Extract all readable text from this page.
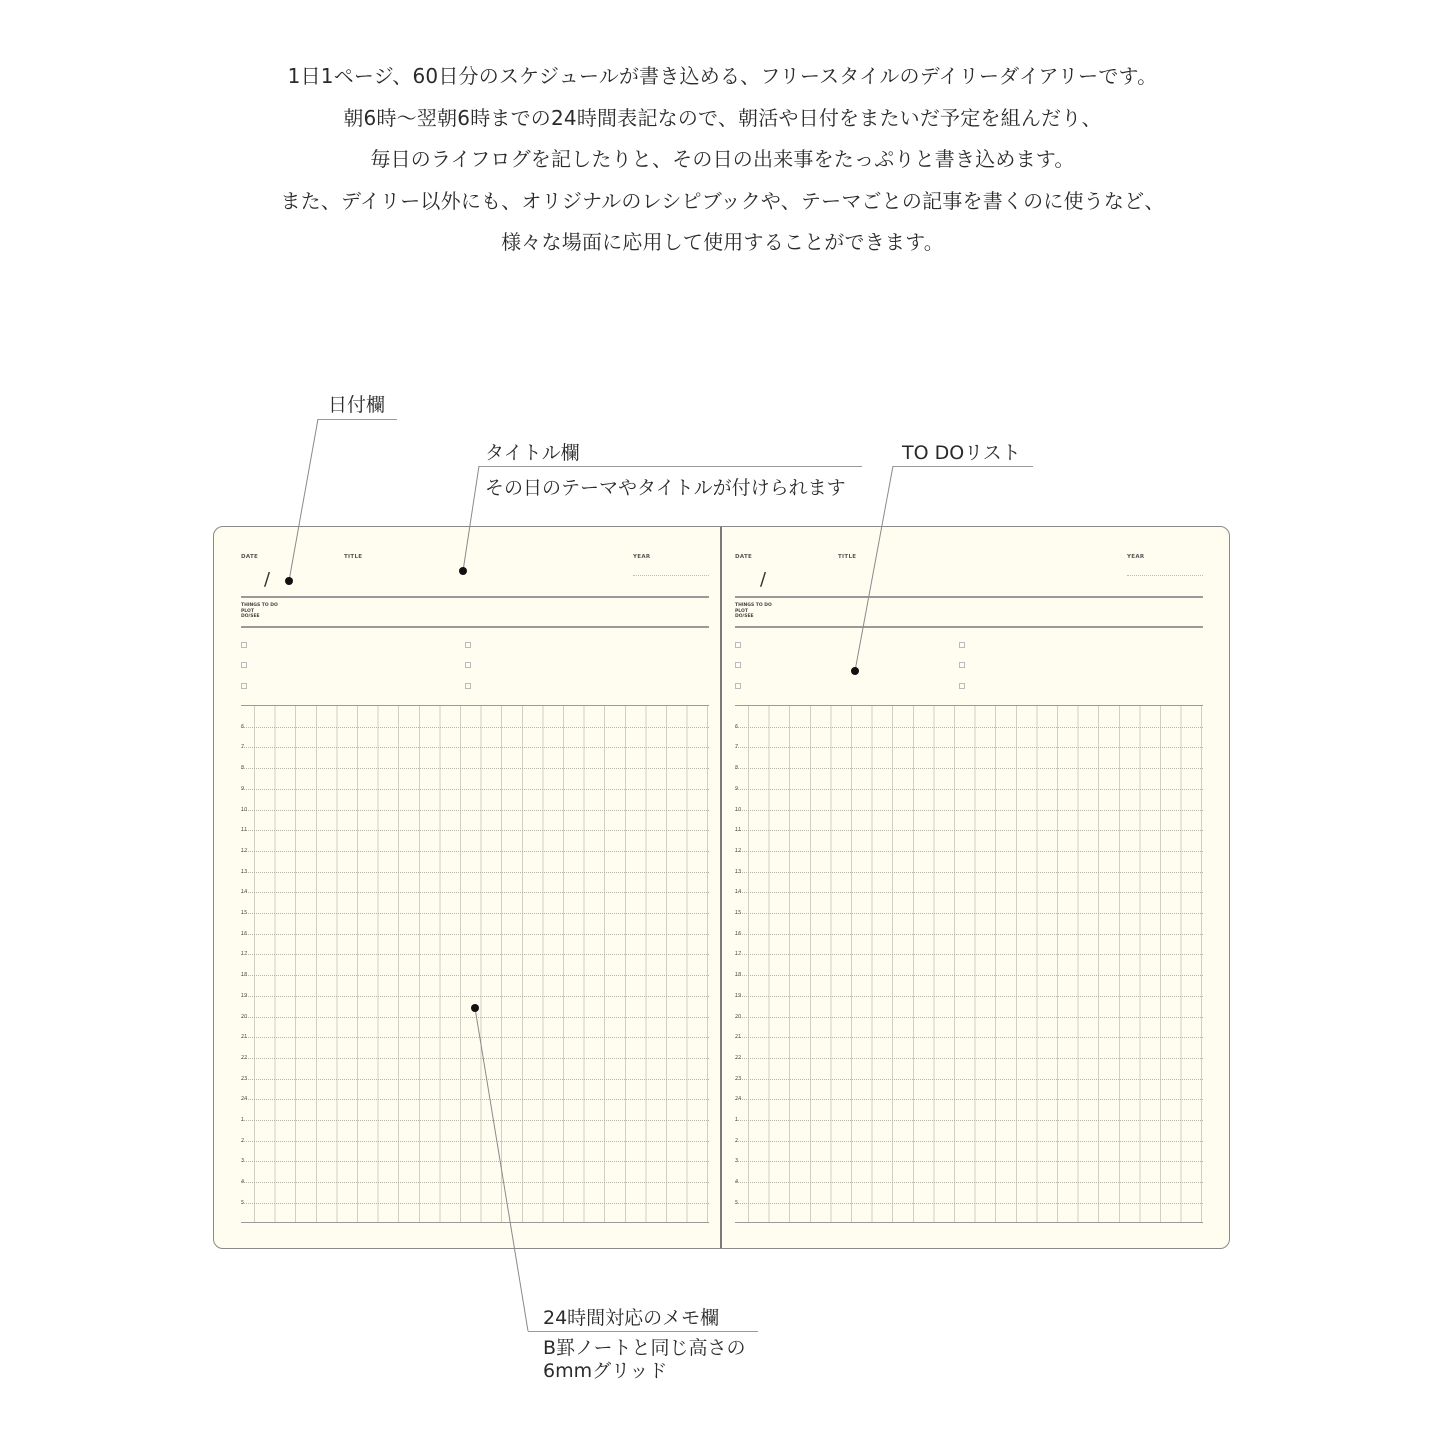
1日1ページ、60日分のスケジュールが書き込める、フリースタイルのデイリーダイアリーです。

朝6時〜翌朝6時までの24時間表記なので、朝活や日付をまたいだ予定を組んだり、

毎日のライフログを記したりと、その日の出来事をたっぷりと書き込めます。

また、デイリー以外にも、オリジナルのレシピブックや、テーマごとの記事を書くのに使うなど、

様々な場面に応用して使用することができます。

日付欄
タイトル欄
その日のテーマやタイトルが付けられます
TO DOリスト
24時間対応のメモ欄
B罫ノートと同じ高さの
6mmグリッド
DATE	TITLE	YEAR
/
THINGS TO DO
PLOT
DO/SEE
6
7
8
9
10
11
12
13
14
15
16
17
18
19
20
21
22
23
24
1
2
3
4
5
DATE	TITLE	YEAR
/
THINGS TO DO
PLOT
DO/SEE
6
7
8
9
10
11
12
13
14
15
16
17
18
19
20
21
22
23
24
1
2
3
4
5
